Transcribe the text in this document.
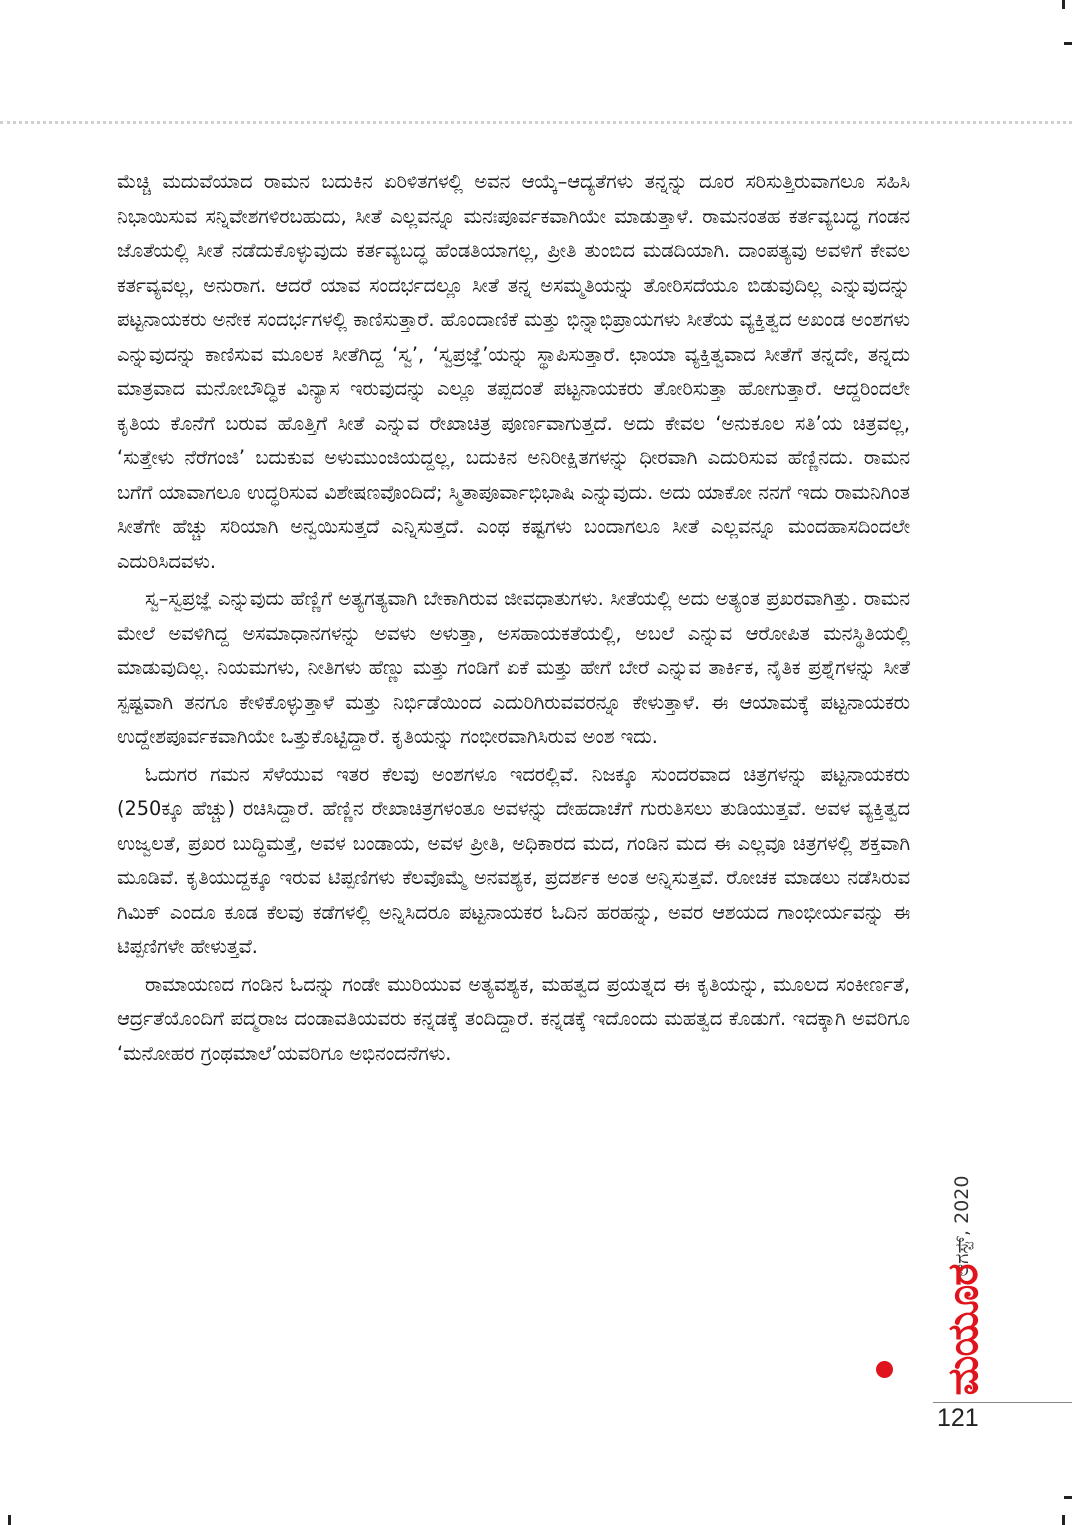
ಮೆಚ್ಚಿ ಮದುವೆಯಾದ ರಾಮನ ಬದುಕಿನ ಏರಿಳಿತಗಳಲ್ಲಿ ಅವನ ಆಯ್ಕೆ–ಆದ್ಯತೆಗಳು ತನ್ನನ್ನು ದೂರ ಸರಿಸುತ್ತಿರುವಾಗಲೂ ಸಹಿಸಿ ನಿಭಾಯಿಸುವ ಸನ್ನಿವೇಶಗಳಿರಬಹುದು, ಸೀತೆ ಎಲ್ಲವನ್ನೂ ಮನಃಪೂರ್ವಕವಾಗಿಯೇ ಮಾಡುತ್ತಾಳೆ. ರಾಮನಂತಹ ಕರ್ತವ್ಯಬದ್ಧ ಗಂಡನ ಜೊತೆಯಲ್ಲಿ ಸೀತೆ ನಡೆದುಕೊಳ್ಳುವುದು ಕರ್ತವ್ಯಬದ್ಧ ಹೆಂಡತಿಯಾಗಲ್ಲ, ಪ್ರೀತಿ ತುಂಬಿದ ಮಡದಿಯಾಗಿ. ದಾಂಪತ್ಯವು ಅವಳಿಗೆ ಕೇವಲ ಕರ್ತವ್ಯವಲ್ಲ, ಅನುರಾಗ. ಆದರೆ ಯಾವ ಸಂದರ್ಭದಲ್ಲೂ ಸೀತೆ ತನ್ನ ಅಸಮ್ಮತಿಯನ್ನು ತೋರಿಸದೆಯೂ ಬಿಡುವುದಿಲ್ಲ ಎನ್ನುವುದನ್ನು ಪಟ್ಟನಾಯಕರು ಅನೇಕ ಸಂದರ್ಭಗಳಲ್ಲಿ ಕಾಣಿಸುತ್ತಾರೆ. ಹೊಂದಾಣಿಕೆ ಮತ್ತು ಭಿನ್ನಾಭಿಪ್ರಾಯಗಳು ಸೀತೆಯ ವ್ಯಕ್ತಿತ್ವದ ಅಖಂಡ ಅಂಶಗಳು ಎನ್ನುವುದನ್ನು ಕಾಣಿಸುವ ಮೂಲಕ ಸೀತೆಗಿದ್ದ ‘ಸ್ವ’, ‘ಸ್ವಪ್ರಜ್ಞೆ’ಯನ್ನು ಸ್ಥಾಪಿಸುತ್ತಾರೆ. ಛಾಯಾ ವ್ಯಕ್ತಿತ್ವವಾದ ಸೀತೆಗೆ ತನ್ನದೇ, ತನ್ನದು ಮಾತ್ರವಾದ ಮನೋಬೌದ್ಧಿಕ ವಿನ್ಯಾಸ ಇರುವುದನ್ನು ಎಲ್ಲೂ ತಪ್ಪದಂತೆ ಪಟ್ಟನಾಯಕರು ತೋರಿಸುತ್ತಾ ಹೋಗುತ್ತಾರೆ. ಆದ್ದರಿಂದಲೇ ಕೃತಿಯ ಕೊನೆಗೆ ಬರುವ ಹೊತ್ತಿಗೆ ಸೀತೆ ಎನ್ನುವ ರೇಖಾಚಿತ್ರ ಪೂರ್ಣವಾಗುತ್ತದೆ. ಅದು ಕೇವಲ ‘ಅನುಕೂಲ ಸತಿ’ಯ ಚಿತ್ರವಲ್ಲ, ‘ಸುತ್ತೇಳು ನೆರೆಗಂಜಿ’ ಬದುಕುವ ಅಳುಮುಂಜಿಯದ್ದಲ್ಲ, ಬದುಕಿನ ಅನಿರೀಕ್ಷಿತಗಳನ್ನು ಧೀರವಾಗಿ ಎದುರಿಸುವ ಹೆಣ್ಣಿನದು. ರಾಮನ ಬಗೆಗೆ ಯಾವಾಗಲೂ ಉದ್ಧರಿಸುವ ವಿಶೇಷಣವೊಂದಿದೆ; ಸ್ಮಿತಾಪೂರ್ವಾಭಿಭಾಷಿ ಎನ್ನುವುದು. ಅದು ಯಾಕೋ ನನಗೆ ಇದು ರಾಮನಿಗಿಂತ ಸೀತೆಗೇ ಹೆಚ್ಚು ಸರಿಯಾಗಿ ಅನ್ವಯಿಸುತ್ತದೆ ಎನ್ನಿಸುತ್ತದೆ. ಎಂಥ ಕಷ್ಟಗಳು ಬಂದಾಗಲೂ ಸೀತೆ ಎಲ್ಲವನ್ನೂ ಮಂದಹಾಸದಿಂದಲೇ ಎದುರಿಸಿದವಳು.

ಸ್ವ–ಸ್ವಪ್ರಜ್ಞೆ ಎನ್ನುವುದು ಹೆಣ್ಣಿಗೆ ಅತ್ಯಗತ್ಯವಾಗಿ ಬೇಕಾಗಿರುವ ಜೀವಧಾತುಗಳು. ಸೀತೆಯಲ್ಲಿ ಅದು ಅತ್ಯಂತ ಪ್ರಖರವಾಗಿತ್ತು. ರಾಮನ ಮೇಲೆ ಅವಳಿಗಿದ್ದ ಅಸಮಾಧಾನಗಳನ್ನು ಅವಳು ಅಳುತ್ತಾ, ಅಸಹಾಯಕತೆಯಲ್ಲಿ, ಅಬಲೆ ಎನ್ನುವ ಆರೋಪಿತ ಮನಸ್ಥಿತಿಯಲ್ಲಿ ಮಾಡುವುದಿಲ್ಲ. ನಿಯಮಗಳು, ನೀತಿಗಳು ಹೆಣ್ಣು ಮತ್ತು ಗಂಡಿಗೆ ಏಕೆ ಮತ್ತು ಹೇಗೆ ಬೇರೆ ಎನ್ನುವ ತಾರ್ಕಿಕ, ನೈತಿಕ ಪ್ರಶ್ನೆಗಳನ್ನು ಸೀತೆ ಸ್ಪಷ್ಟವಾಗಿ ತನಗೂ ಕೇಳಿಕೊಳ್ಳುತ್ತಾಳೆ ಮತ್ತು ನಿರ್ಭಿಡೆಯಿಂದ ಎದುರಿಗಿರುವವರನ್ನೂ ಕೇಳುತ್ತಾಳೆ. ಈ ಆಯಾಮಕ್ಕೆ ಪಟ್ಟನಾಯಕರು ಉದ್ದೇಶಪೂರ್ವಕವಾಗಿಯೇ ಒತ್ತುಕೊಟ್ಟಿದ್ದಾರೆ. ಕೃತಿಯನ್ನು ಗಂಭೀರವಾಗಿಸಿರುವ ಅಂಶ ಇದು.

ಓದುಗರ ಗಮನ ಸೆಳೆಯುವ ಇತರ ಕೆಲವು ಅಂಶಗಳೂ ಇದರಲ್ಲಿವೆ. ನಿಜಕ್ಕೂ ಸುಂದರವಾದ ಚಿತ್ರಗಳನ್ನು ಪಟ್ಟನಾಯಕರು (250ಕ್ಕೂ ಹೆಚ್ಚು) ರಚಿಸಿದ್ದಾರೆ. ಹೆಣ್ಣಿನ ರೇಖಾಚಿತ್ರಗಳಂತೂ ಅವಳನ್ನು ದೇಹದಾಚೆಗೆ ಗುರುತಿಸಲು ತುಡಿಯುತ್ತವೆ. ಅವಳ ವ್ಯಕ್ತಿತ್ವದ ಉಜ್ವಲತೆ, ಪ್ರಖರ ಬುದ್ಧಿಮತ್ತೆ, ಅವಳ ಬಂಡಾಯ, ಅವಳ ಪ್ರೀತಿ, ಅಧಿಕಾರದ ಮದ, ಗಂಡಿನ ಮದ ಈ ಎಲ್ಲವೂ ಚಿತ್ರಗಳಲ್ಲಿ ಶಕ್ತವಾಗಿ ಮೂಡಿವೆ. ಕೃತಿಯುದ್ದಕ್ಕೂ ಇರುವ ಟಿಪ್ಪಣಿಗಳು ಕೆಲವೊಮ್ಮೆ ಅನವಶ್ಯಕ, ಪ್ರದರ್ಶಕ ಅಂತ ಅನ್ನಿಸುತ್ತವೆ. ರೋಚಕ ಮಾಡಲು ನಡೆಸಿರುವ ಗಿಮಿಕ್ ಎಂದೂ ಕೂಡ ಕೆಲವು ಕಡೆಗಳಲ್ಲಿ ಅನ್ನಿಸಿದರೂ ಪಟ್ಟನಾಯಕರ ಓದಿನ ಹರಹನ್ನು, ಅವರ ಆಶಯದ ಗಾಂಭೀರ್ಯವನ್ನು ಈ ಟಿಪ್ಪಣಿಗಳೇ ಹೇಳುತ್ತವೆ.

ರಾಮಾಯಣದ ಗಂಡಿನ ಓದನ್ನು ಗಂಡೇ ಮುರಿಯುವ ಅತ್ಯವಶ್ಯಕ, ಮಹತ್ವದ ಪ್ರಯತ್ನದ ಈ ಕೃತಿಯನ್ನು, ಮೂಲದ ಸಂಕೀರ್ಣತೆ, ಆರ್ದ್ರತೆಯೊಂದಿಗೆ ಪದ್ಮರಾಜ ದಂಡಾವತಿಯವರು ಕನ್ನಡಕ್ಕೆ ತಂದಿದ್ದಾರೆ. ಕನ್ನಡಕ್ಕೆ ಇದೊಂದು ಮಹತ್ವದ ಕೊಡುಗೆ. ಇದಕ್ಕಾಗಿ ಅವರಿಗೂ ‘ಮನೋಹರ ಗ್ರಂಥಮಾಲೆ’ಯವರಿಗೂ ಅಭಿನಂದನೆಗಳು.

ಆಗಸ್ಟ್, 2020
ಮಯೂರ
121
